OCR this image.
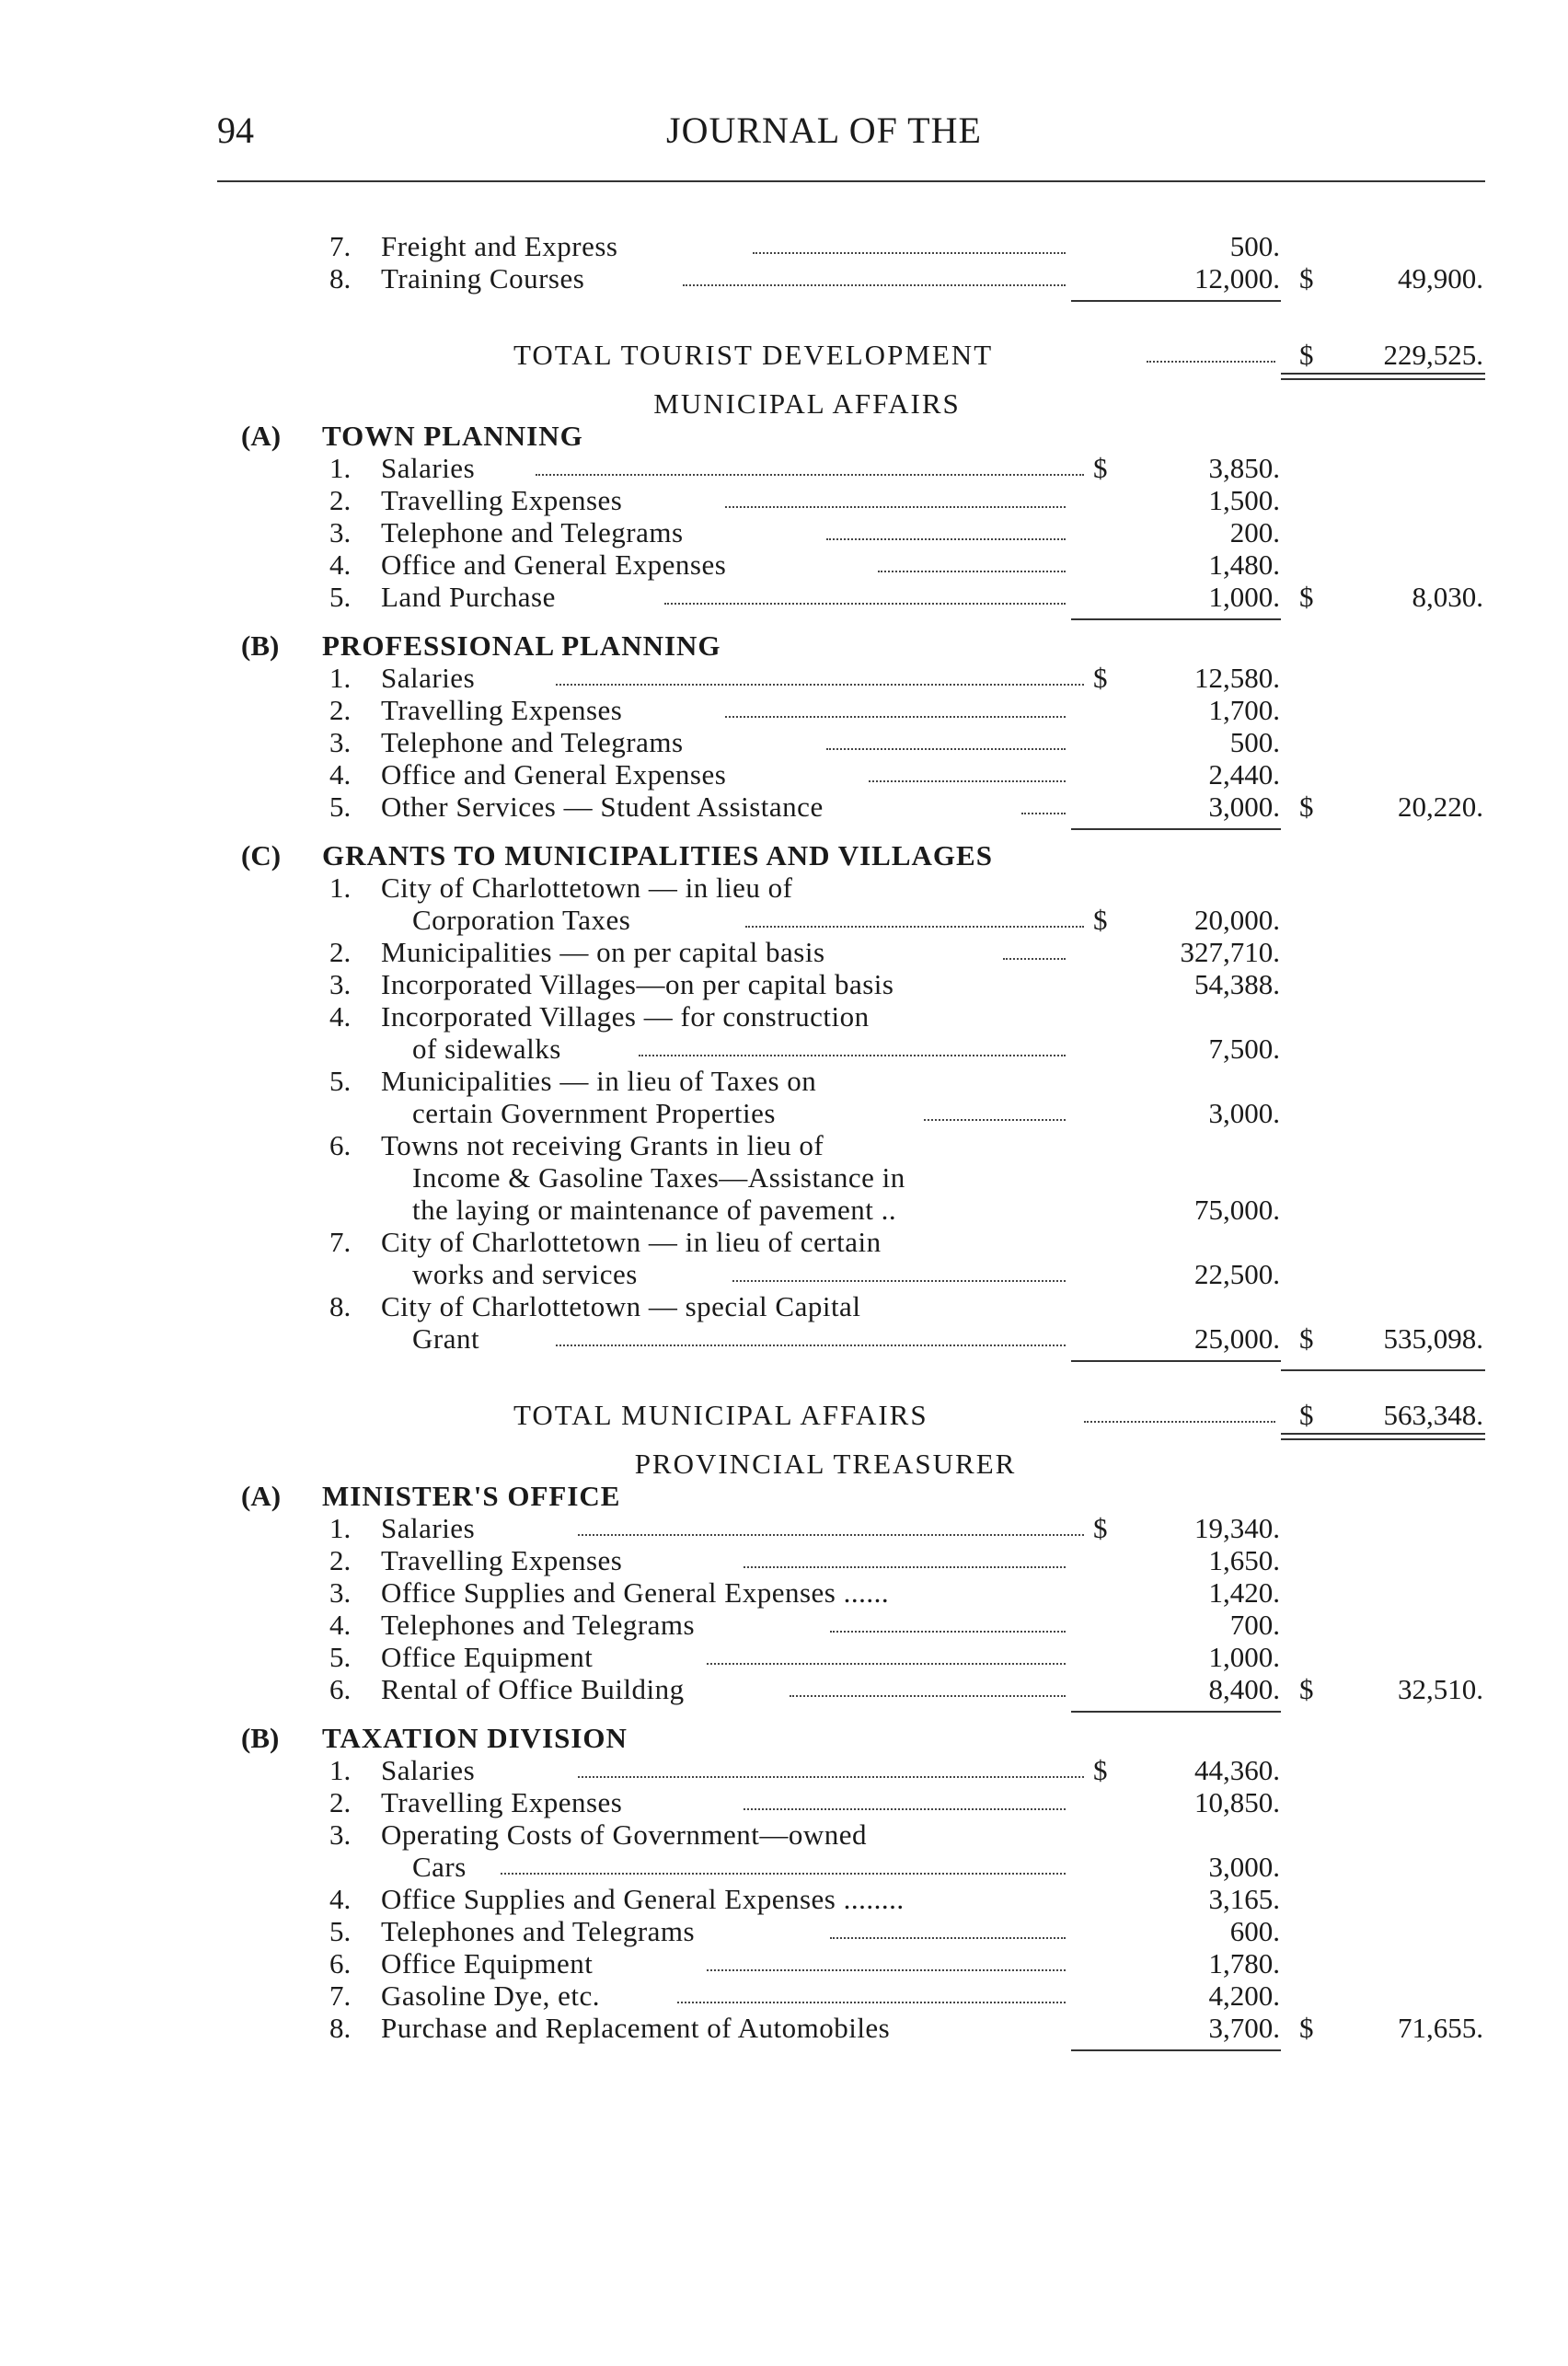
94	JOURNAL OF THE
7. Freight and Express	500.
8. Training Courses	12,000. $	49,900.
TOTAL TOURIST DEVELOPMENT	$ 229,525.
MUNICIPAL AFFAIRS
(A) TOWN PLANNING
1. Salaries	$	3,850.
2. Travelling Expenses	1,500.
3. Telephone and Telegrams	200.
4. Office and General Expenses	1,480.
5. Land Purchase	1,000. $	8,030.
(B) PROFESSIONAL PLANNING
1. Salaries	$	12,580.
2. Travelling Expenses	1,700.
3. Telephone and Telegrams	500.
4. Office and General Expenses	2,440.
5. Other Services — Student Assistance	3,000. $	20,220.
(C) GRANTS TO MUNICIPALITIES AND VILLAGES
1. City of Charlottetown — in lieu of
Corporation Taxes	$	20,000.
2. Municipalities — on per capital basis	327,710.
3. Incorporated Villages—on per capital basis	54,388.
4. Incorporated Villages — for construction
of sidewalks	7,500.
5. Municipalities — in lieu of Taxes on
certain Government Properties	3,000.
6. Towns not receiving Grants in lieu of
Income & Gasoline Taxes—Assistance in
the laying or maintenance of pavement ..	75,000.
7. City of Charlottetown — in lieu of certain
works and services	22,500.
8. City of Charlottetown — special Capital
Grant	25,000. $ 535,098.
TOTAL MUNICIPAL AFFAIRS	$ 563,348.
PROVINCIAL TREASURER
(A) MINISTER'S OFFICE
1. Salaries	$	19,340.
2. Travelling Expenses	1,650.
3. Office Supplies and General Expenses ......	1,420.
4. Telephones and Telegrams	700.
5. Office Equipment	1,000.
6. Rental of Office Building	8,400. $	32,510.
(B) TAXATION DIVISION
1. Salaries	$	44,360.
2. Travelling Expenses	10,850.
3. Operating Costs of Government—owned
Cars	3,000.
4. Office Supplies and General Expenses ........	3,165.
5. Telephones and Telegrams	600.
6. Office Equipment	1,780.
7. Gasoline Dye, etc.	4,200.
8. Purchase and Replacement of Automobiles	3,700. $	71,655.
